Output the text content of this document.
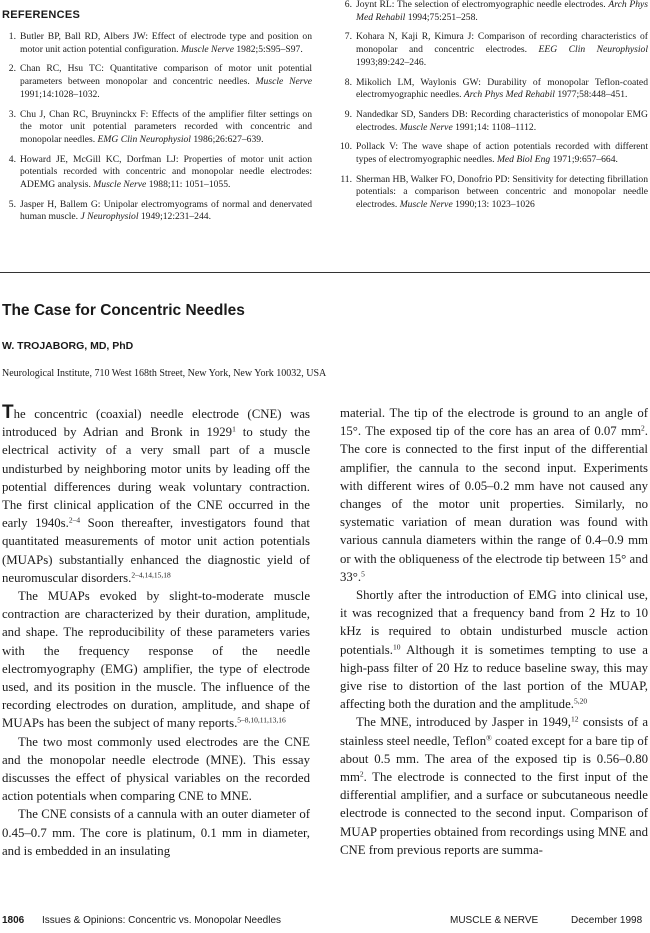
REFERENCES
1. Butler BP, Ball RD, Albers JW: Effect of electrode type and position on motor unit action potential configuration. Muscle Nerve 1982;5:S95–S97.
2. Chan RC, Hsu TC: Quantitative comparison of motor unit potential parameters between monopolar and concentric needles. Muscle Nerve 1991;14:1028–1032.
3. Chu J, Chan RC, Bruyninckx F: Effects of the amplifier filter settings on the motor unit potential parameters recorded with concentric and monopolar needles. EMG Clin Neurophysiol 1986;26:627–639.
4. Howard JE, McGill KC, Dorfman LJ: Properties of motor unit action potentials recorded with concentric and monopolar needle electrodes: ADEMG analysis. Muscle Nerve 1988;11: 1051–1055.
5. Jasper H, Ballem G: Unipolar electromyograms of normal and denervated human muscle. J Neurophysiol 1949;12:231–244.
6. Joynt RL: The selection of electromyographic needle electrodes. Arch Phys Med Rehabil 1994;75:251–258.
7. Kohara N, Kaji R, Kimura J: Comparison of recording characteristics of monopolar and concentric electrodes. EEG Clin Neurophysiol 1993;89:242–246.
8. Mikolich LM, Waylonis GW: Durability of monopolar Teflon-coated electromyographic needles. Arch Phys Med Rehabil 1977;58:448–451.
9. Nandedkar SD, Sanders DB: Recording characteristics of monopolar EMG electrodes. Muscle Nerve 1991;14: 1108–1112.
10. Pollack V: The wave shape of action potentials recorded with different types of electromyographic needles. Med Biol Eng 1971;9:657–664.
11. Sherman HB, Walker FO, Donofrio PD: Sensitivity for detecting fibrillation potentials: a comparison between concentric and monopolar needle electrodes. Muscle Nerve 1990;13: 1023–1026
The Case for Concentric Needles
W. TROJABORG, MD, PhD
Neurological Institute, 710 West 168th Street, New York, New York 10032, USA

The concentric (coaxial) needle electrode (CNE) was introduced by Adrian and Bronk in 1929$^1$ to study the electrical activity of a very small part of a muscle undisturbed by neighboring motor units by leading off the potential differences during weak voluntary contraction. The first clinical application of the CNE occurred in the early 1940s.$^{2-4}$ Soon thereafter, investigators found that quantitated measurements of motor unit action potentials (MUAPs) substantially enhanced the diagnostic yield of neuromuscular disorders.$^{2-4,14,15,18}$

The MUAPs evoked by slight-to-moderate muscle contraction are characterized by their duration, amplitude, and shape. The reproducibility of these parameters varies with the frequency response of the needle electromyography (EMG) amplifier, the type of electrode used, and its position in the muscle. The influence of the recording electrodes on duration, amplitude, and shape of MUAPs has been the subject of many reports.$^{5-8,10,11,13,16}$

The two most commonly used electrodes are the CNE and the monopolar needle electrode (MNE). This essay discusses the effect of physical variables on the recorded action potentials when comparing CNE to MNE.

The CNE consists of a cannula with an outer diameter of 0.45–0.7 mm. The core is platinum, 0.1 mm in diameter, and is embedded in an insulating

material. The tip of the electrode is ground to an angle of 15°. The exposed tip of the core has an area of 0.07 $mm^2$. The core is connected to the first input of the differential amplifier, the cannula to the second input. Experiments with different wires of 0.05–0.2 mm have not caused any changes of the motor unit properties. Similarly, no systematic variation of mean duration was found with various cannula diameters within the range of 0.4–0.9 mm or with the obliqueness of the electrode tip between 15° and 33°.$^5$

Shortly after the introduction of EMG into clinical use, it was recognized that a frequency band from 2 Hz to 10 kHz is required to obtain undisturbed muscle action potentials.$^{10}$ Although it is sometimes tempting to use a high-pass filter of 20 Hz to reduce baseline sway, this may give rise to distortion of the last portion of the MUAP, affecting both the duration and the amplitude.$^{5,20}$

The MNE, introduced by Jasper in 1949,12 consists of a stainless steel needle, Teflon® coated except for a bare tip of about 0.5 mm. The area of the exposed tip is 0.56–0.80 $mm^2$. The electrode is connected to the first input of the differential amplifier, and a surface or subcutaneous needle electrode is connected to the second input. Comparison of MUAP properties obtained from recordings using MNE and CNE from previous reports are summa-

1806 Issues & Opinions: Concentric vs. Monopolar Needles	MUSCLE & NERVE	December 1998
